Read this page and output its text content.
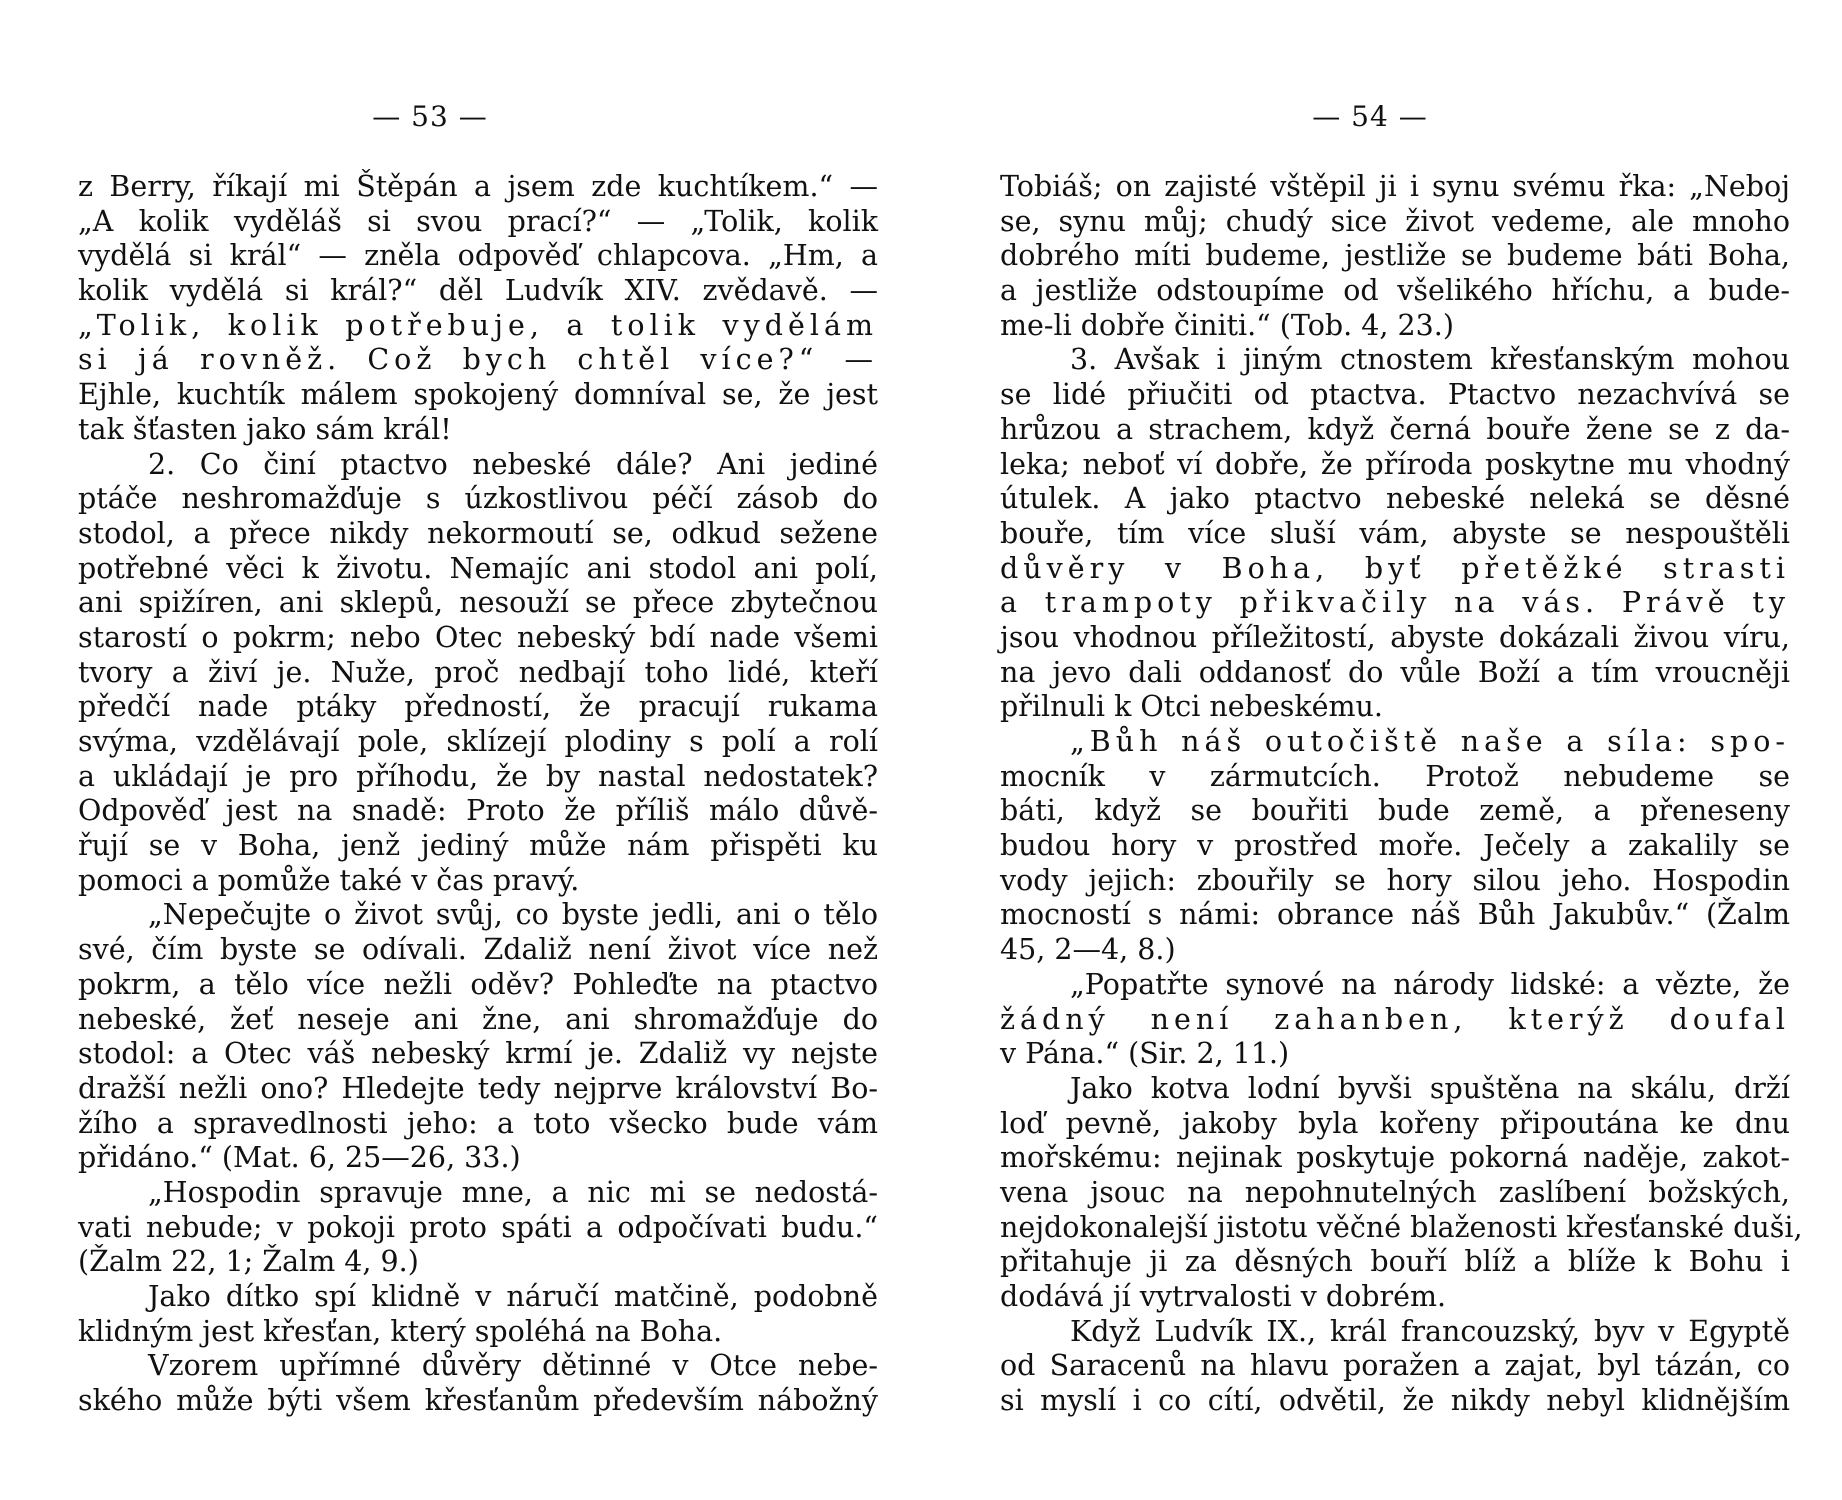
— 53 —
z Berry, říkají mi Štěpán a jsem zde kuchtíkem.“ —
„A kolik vyděláš si svou prací?“ — „Tolik, kolik
vydělá si král“ — zněla odpověď chlapcova. „Hm, a
kolik vydělá si král?“ děl Ludvík XIV. zvědavě. —
„Tolik, kolik potřebuje, a tolik vydělám
si já rovněž. Což bych chtěl více?“ —
Ejhle, kuchtík málem spokojený domníval se, že jest
tak šťasten jako sám král!
2. Co činí ptactvo nebeské dále? Ani jediné
ptáče neshromažďuje s úzkostlivou péčí zásob do
stodol, a přece nikdy nekormoutí se, odkud sežene
potřebné věci k životu. Nemajíc ani stodol ani polí,
ani spižíren, ani sklepů, nesouží se přece zbytečnou
starostí o pokrm; nebo Otec nebeský bdí nade všemi
tvory a živí je. Nuže, proč nedbají toho lidé, kteří
předčí nade ptáky předností, že pracují rukama
svýma, vzdělávají pole, sklízejí plodiny s polí a rolí
a ukládají je pro příhodu, že by nastal nedostatek?
Odpověď jest na snadě: Proto že příliš málo důvě-
řují se v Boha, jenž jediný může nám přispěti ku
pomoci a pomůže také v čas pravý.
„Nepečujte o život svůj, co byste jedli, ani o tělo
své, čím byste se odívali. Zdaliž není život více než
pokrm, a tělo více nežli oděv? Pohleďte na ptactvo
nebeské, žeť neseje ani žne, ani shromažďuje do
stodol: a Otec váš nebeský krmí je. Zdaliž vy nejste
dražší nežli ono? Hledejte tedy nejprve království Bo-
žího a spravedlnosti jeho: a toto všecko bude vám
přidáno.“ (Mat. 6, 25—26, 33.)
„Hospodin spravuje mne, a nic mi se nedostá-
vati nebude; v pokoji proto spáti a odpočívati budu.“
(Žalm 22, 1; Žalm 4, 9.)
Jako dítko spí klidně v náručí matčině, podobně
klidným jest křesťan, který spoléhá na Boha.
Vzorem upřímné důvěry dětinné v Otce nebe-
ského může býti všem křesťanům především nábožný
— 54 —
Tobiáš; on zajisté vštěpil ji i synu svému řka: „Neboj
se, synu můj; chudý sice život vedeme, ale mnoho
dobrého míti budeme, jestliže se budeme báti Boha,
a jestliže odstoupíme od všelikého hříchu, a bude-
me-li dobře činiti.“ (Tob. 4, 23.)
3. Avšak i jiným ctnostem křesťanským mohou
se lidé přiučiti od ptactva. Ptactvo nezachvívá se
hrůzou a strachem, když černá bouře žene se z da-
leka; neboť ví dobře, že příroda poskytne mu vhodný
útulek. A jako ptactvo nebeské neleká se děsné
bouře, tím více sluší vám, abyste se nespouštěli
důvěry v Boha, byť přetěžké strasti
a trampoty přikvačily na vás. Právě ty
jsou vhodnou příležitostí, abyste dokázali živou víru,
na jevo dali oddanosť do vůle Boží a tím vroucněji
přilnuli k Otci nebeskému.
„Bůh náš outočiště naše a síla: spo-
mocník v zármutcích. Protož nebudeme se
báti, když se bouřiti bude země, a přeneseny
budou hory v prostřed moře. Ječely a zakalily se
vody jejich: zbouřily se hory silou jeho. Hospodin
mocností s námi: obrance náš Bůh Jakubův.“ (Žalm
45, 2—4, 8.)
„Popatřte synové na národy lidské: a vězte, že
žádný není zahanben, kterýž doufal
v Pána.“ (Sir. 2, 11.)
Jako kotva lodní byvši spuštěna na skálu, drží
loď pevně, jakoby byla kořeny připoutána ke dnu
mořskému: nejinak poskytuje pokorná naděje, zakot-
vena jsouc na nepohnutelných zaslíbení božských,
nejdokonalejší jistotu věčné blaženosti křesťanské duši,
přitahuje ji za děsných bouří blíž a blíže k Bohu i
dodává jí vytrvalosti v dobrém.
Když Ludvík IX., král francouzský, byv v Egyptě
od Saracenů na hlavu poražen a zajat, byl tázán, co
si myslí i co cítí, odvětil, že nikdy nebyl klidnějším
